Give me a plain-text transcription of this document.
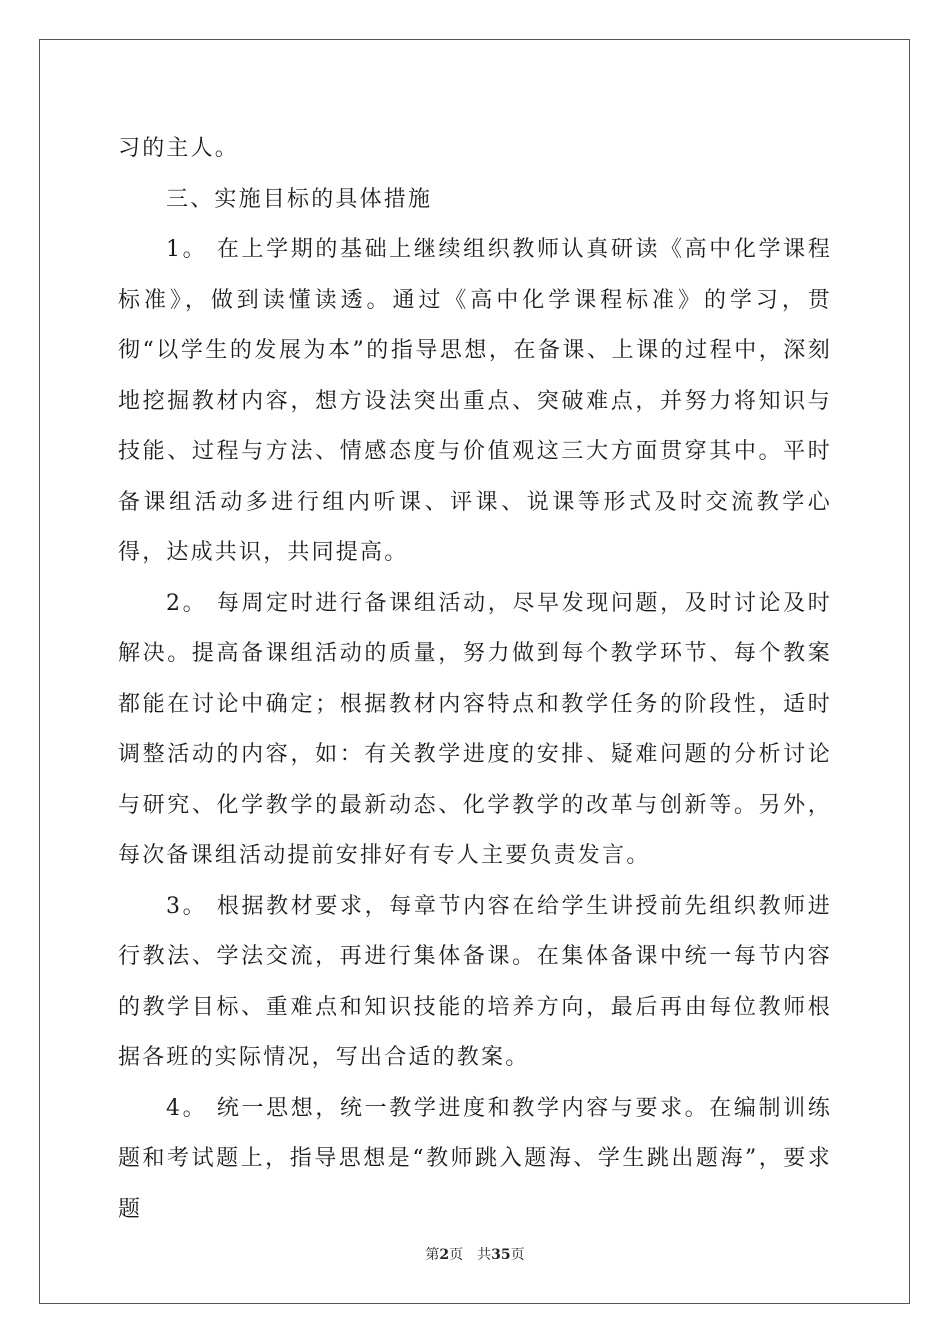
习的主人。

三、实施目标的具体措施

1。 在上学期的基础上继续组织教师认真研读《高中化学课程标准》，做到读懂读透。通过《高中化学课程标准》的学习，贯彻“以学生的发展为本”的指导思想，在备课、上课的过程中，深刻地挖掘教材内容，想方设法突出重点、突破难点，并努力将知识与技能、过程与方法、情感态度与价值观这三大方面贯穿其中。平时备课组活动多进行组内听课、评课、说课等形式及时交流教学心得，达成共识，共同提高。

2。 每周定时进行备课组活动，尽早发现问题，及时讨论及时解决。提高备课组活动的质量，努力做到每个教学环节、每个教案都能在讨论中确定；根据教材内容特点和教学任务的阶段性，适时调整活动的内容，如：有关教学进度的安排、疑难问题的分析讨论与研究、化学教学的最新动态、化学教学的改革与创新等。另外，每次备课组活动提前安排好有专人主要负责发言。

3。 根据教材要求，每章节内容在给学生讲授前先组织教师进行教法、学法交流，再进行集体备课。在集体备课中统一每节内容的教学目标、重难点和知识技能的培养方向，最后再由每位教师根据各班的实际情况，写出合适的教案。

4。 统一思想，统一教学进度和教学内容与要求。在编制训练题和考试题上，指导思想是“教师跳入题海、学生跳出题海”，要求题

第2页 共35页
